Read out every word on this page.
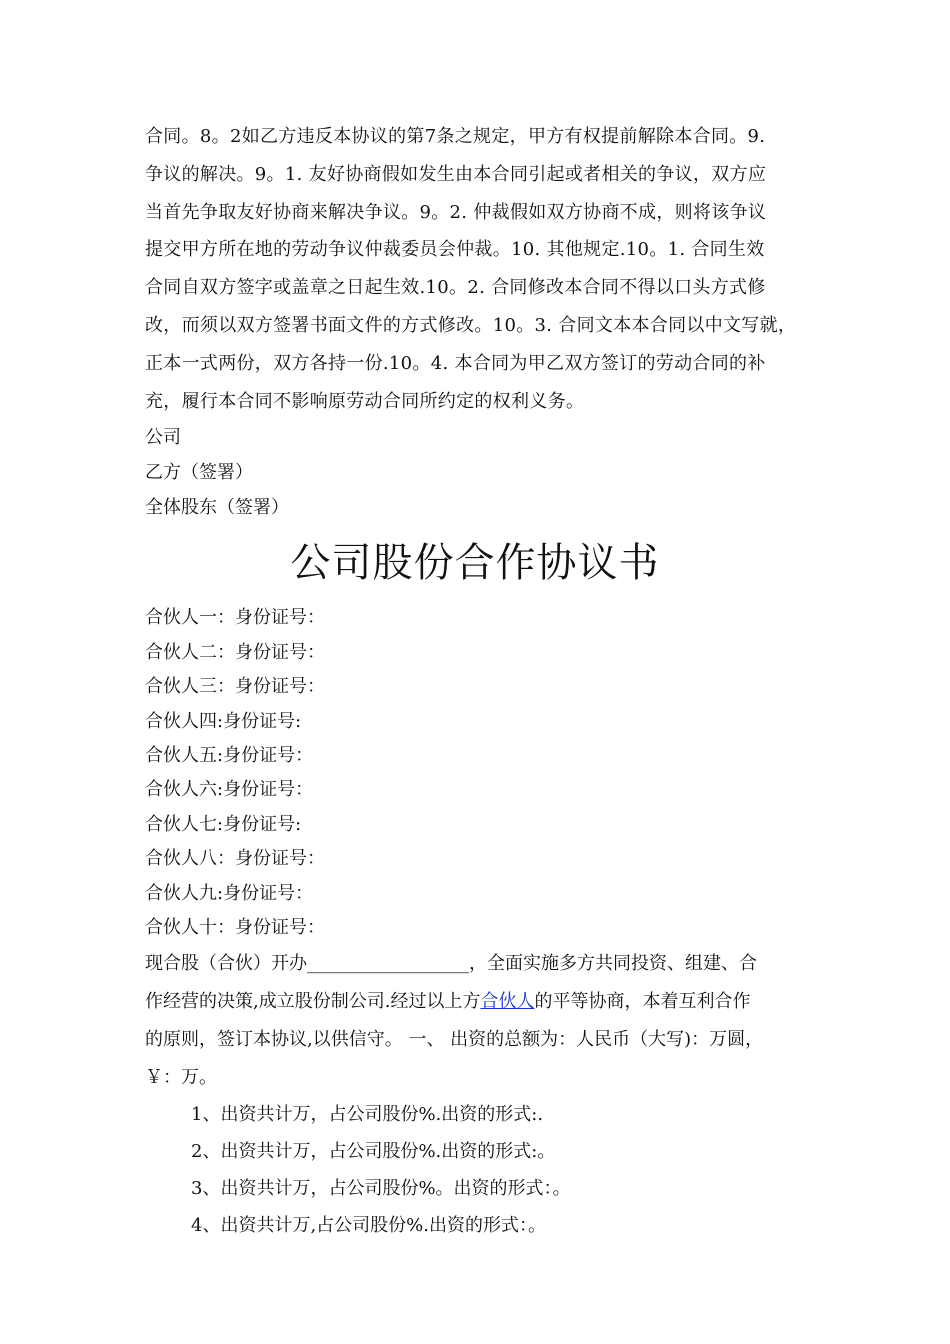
合同。8。2如乙方违反本协议的第7条之规定，甲方有权提前解除本合同。9.
争议的解决。9。1. 友好协商假如发生由本合同引起或者相关的争议，双方应
当首先争取友好协商来解决争议。9。2. 仲裁假如双方协商不成，则将该争议
提交甲方所在地的劳动争议仲裁委员会仲裁。10. 其他规定.10。1. 合同生效
合同自双方签字或盖章之日起生效.10。2. 合同修改本合同不得以口头方式修
改，而须以双方签署书面文件的方式修改。10。3. 合同文本本合同以中文写就，
正本一式两份，双方各持一份.10。4. 本合同为甲乙双方签订的劳动合同的补
充，履行本合同不影响原劳动合同所约定的权利义务。
公司
乙方（签署）
全体股东（签署）
公司股份合作协议书
合伙人一：身份证号：
合伙人二：身份证号：
合伙人三：身份证号：
合伙人四:身份证号:
合伙人五:身份证号：
合伙人六:身份证号：
合伙人七:身份证号:
合伙人八：身份证号：
合伙人九:身份证号：
合伙人十：身份证号：
现合股（合伙）开办__________________，全面实施多方共同投资、组建、合
作经营的决策,成立股份制公司.经过以上方合伙人的平等协商，本着互利合作
的原则，签订本协议,以供信守。 一、 出资的总额为：人民币（大写)：万圆，
￥：万。
1、出资共计万，占公司股份%.出资的形式:.
2、出资共计万，占公司股份%.出资的形式:。
3、出资共计万，占公司股份%。出资的形式：。
4、出资共计万,占公司股份%.出资的形式：。
